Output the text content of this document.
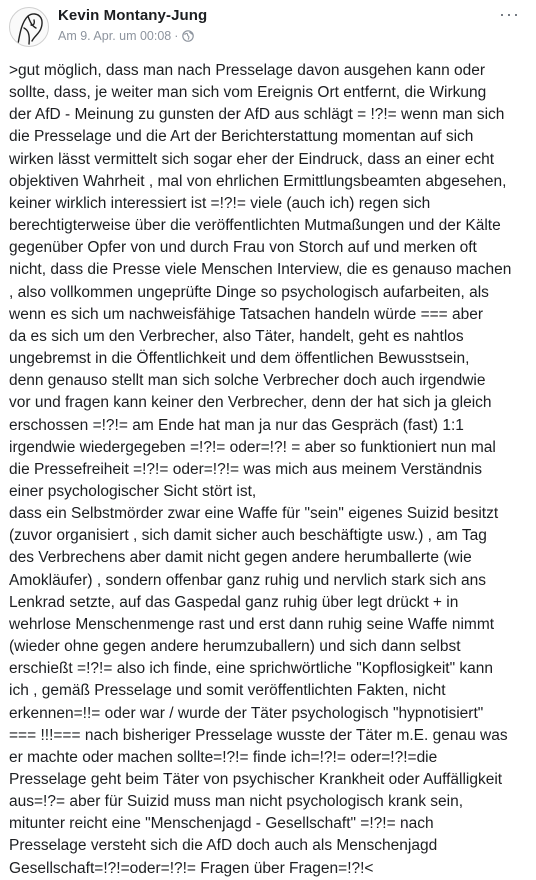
Kevin Montany-Jung
Am 9. Apr. um 00:08 ·
···
>gut möglich, dass man nach Presselage davon ausgehen kann oder
sollte, dass, je weiter man sich vom Ereignis Ort entfernt, die Wirkung
der AfD - Meinung zu gunsten der AfD aus schlägt = !?!= wenn man sich
die Presselage und die Art der Berichterstattung momentan auf sich
wirken lässt vermittelt sich sogar eher der Eindruck, dass an einer echt
objektiven Wahrheit , mal von ehrlichen Ermittlungsbeamten abgesehen,
keiner wirklich interessiert ist =!?!= viele (auch ich) regen sich
berechtigterweise über die veröffentlichten Mutmaßungen und der Kälte
gegenüber Opfer von und durch Frau von Storch auf und merken oft
nicht, dass die Presse viele Menschen Interview, die es genauso machen
, also vollkommen ungeprüfte Dinge so psychologisch aufarbeiten, als
wenn es sich um nachweisfähige Tatsachen handeln würde === aber
da es sich um den Verbrecher, also Täter, handelt, geht es nahtlos
ungebremst in die Öffentlichkeit und dem öffentlichen Bewusstsein,
denn genauso stellt man sich solche Verbrecher doch auch irgendwie
vor und fragen kann keiner den Verbrecher, denn der hat sich ja gleich
erschossen =!?!= am Ende hat man ja nur das Gespräch (fast) 1:1
irgendwie wiedergegeben =!?!= oder=!?! = aber so funktioniert nun mal
die Pressefreiheit =!?!= oder=!?!= was mich aus meinem Verständnis
einer psychologischer Sicht stört ist,
dass ein Selbstmörder zwar eine Waffe für "sein" eigenes Suizid besitzt
(zuvor organisiert , sich damit sicher auch beschäftigte usw.) , am Tag
des Verbrechens aber damit nicht gegen andere herumballerte (wie
Amokläufer) , sondern offenbar ganz ruhig und nervlich stark sich ans
Lenkrad setzte, auf das Gaspedal ganz ruhig über legt drückt + in
wehrlose Menschenmenge rast und erst dann ruhig seine Waffe nimmt
(wieder ohne gegen andere herumzuballern) und sich dann selbst
erschießt =!?!= also ich finde, eine sprichwörtliche "Kopflosigkeit" kann
ich , gemäß Presselage und somit veröffentlichten Fakten, nicht
erkennen=!!= oder war / wurde der Täter psychologisch "hypnotisiert"
=== !!!=== nach bisheriger Presselage wusste der Täter m.E. genau was
er machte oder machen sollte=!?!= finde ich=!?!= oder=!?!=die
Presselage geht beim Täter von psychischer Krankheit oder Auffälligkeit
aus=!?= aber für Suizid muss man nicht psychologisch krank sein,
mitunter reicht eine "Menschenjagd - Gesellschaft" =!?!= nach
Presselage versteht sich die AfD doch auch als Menschenjagd
Gesellschaft=!?!=oder=!?!= Fragen über Fragen=!?!<
